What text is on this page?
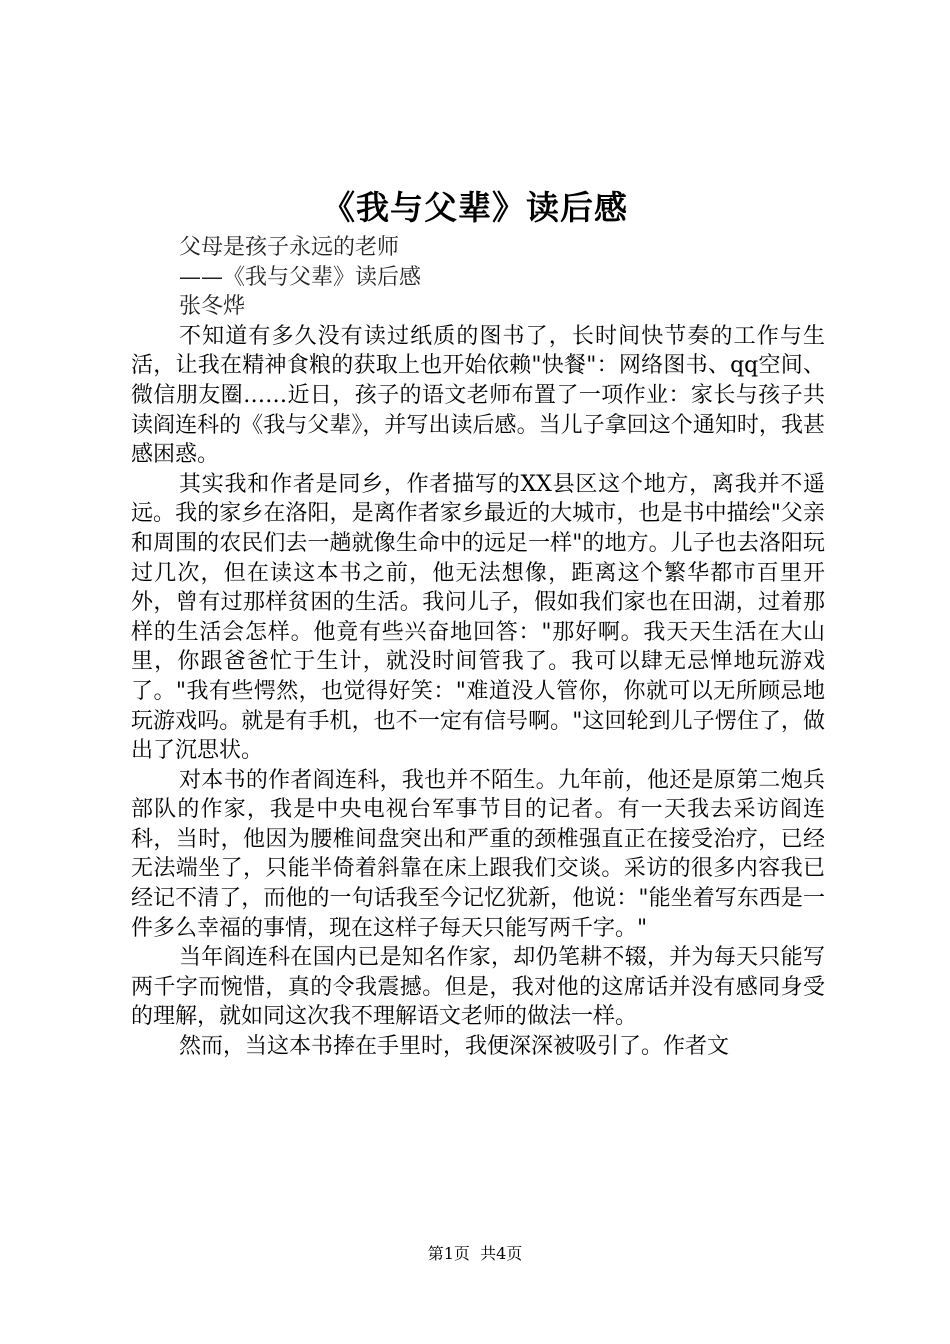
《我与父辈》读后感

父母是孩子永远的老师

——《我与父辈》读后感

张冬烨

不知道有多久没有读过纸质的图书了，长时间快节奏的工作与生活，让我在精神食粮的获取上也开始依赖"快餐"：网络图书、qq空间、微信朋友圈……近日，孩子的语文老师布置了一项作业：家长与孩子共读阎连科的《我与父辈》，并写出读后感。当儿子拿回这个通知时，我甚感困惑。

其实我和作者是同乡，作者描写的XX县区这个地方，离我并不遥远。我的家乡在洛阳，是离作者家乡最近的大城市，也是书中描绘"父亲和周围的农民们去一趟就像生命中的远足一样"的地方。儿子也去洛阳玩过几次，但在读这本书之前，他无法想像，距离这个繁华都市百里开外，曾有过那样贫困的生活。我问儿子，假如我们家也在田湖，过着那样的生活会怎样。他竟有些兴奋地回答："那好啊。我天天生活在大山里，你跟爸爸忙于生计，就没时间管我了。我可以肆无忌惮地玩游戏了。"我有些愕然，也觉得好笑："难道没人管你，你就可以无所顾忌地玩游戏吗。就是有手机，也不一定有信号啊。"这回轮到儿子愣住了，做出了沉思状。

对本书的作者阎连科，我也并不陌生。九年前，他还是原第二炮兵部队的作家，我是中央电视台军事节目的记者。有一天我去采访阎连科，当时，他因为腰椎间盘突出和严重的颈椎强直正在接受治疗，已经无法端坐了，只能半倚着斜靠在床上跟我们交谈。采访的很多内容我已经记不清了，而他的一句话我至今记忆犹新，他说："能坐着写东西是一件多么幸福的事情，现在这样子每天只能写两千字。"

当年阎连科在国内已是知名作家，却仍笔耕不辍，并为每天只能写两千字而惋惜，真的令我震撼。但是，我对他的这席话并没有感同身受的理解，就如同这次我不理解语文老师的做法一样。

然而，当这本书捧在手里时，我便深深被吸引了。作者文

第1页 共4页
